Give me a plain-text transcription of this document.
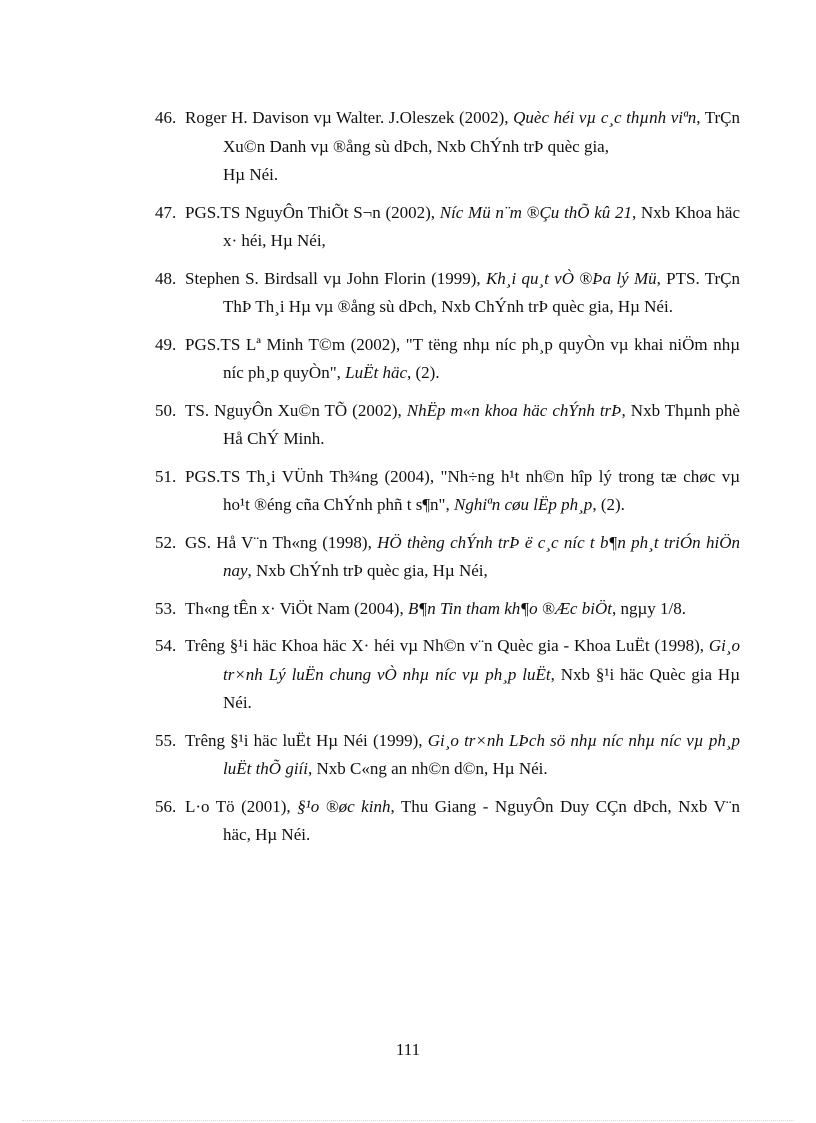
46. Roger H. Davison vµ Walter. J.Oleszek (2002), Quèc héi vµ c¸c thµnh viªn, TrÇn Xu©n Danh vµ ®ång sù dÞch, Nxb ChÝnh trÞ quèc gia,
Hµ Néi.

47. PGS.TS NguyÔn ThiÕt S¬n (2002), Níc Mü n¨m ®Çu thÕ kû 21, Nxb Khoa häc x· héi, Hµ Néi,

48. Stephen S. Birdsall vµ John Florin (1999), Kh¸i qu¸t vÒ ®Þa lý Mü, PTS. TrÇn ThÞ Th¸i Hµ vµ ®ång sù dÞch, Nxb ChÝnh trÞ quèc gia, Hµ Néi.

49. PGS.TS Lª Minh T©m (2002), "T tëng nhµ níc ph¸p quyÒn vµ khai niÖm nhµ níc ph¸p quyÒn", LuËt häc, (2).

50. TS. NguyÔn Xu©n TÕ (2002), NhËp m«n khoa häc chÝnh trÞ, Nxb Thµnh phè Hå ChÝ Minh.

51. PGS.TS Th¸i VÜnh Th¾ng (2004), "Nh÷ng h¹t nh©n hîp lý trong tæ chøc vµ ho¹t ®éng cña ChÝnh phñ t s¶n", Nghiªn cøu lËp ph¸p, (2).

52. GS. Hå V¨n Th«ng (1998), HÖ thèng chÝnh trÞ ë c¸c níc t b¶n ph¸t triÓn hiÖn nay, Nxb ChÝnh trÞ quèc gia, Hµ Néi,

53. Th«ng tÊn x· ViÖt Nam (2004), B¶n Tin tham kh¶o ®Æc biÖt, ngµy 1/8.

54. Trêng §¹i häc Khoa häc X· héi vµ Nh©n v¨n Quèc gia - Khoa LuËt (1998), Gi¸o tr×nh Lý luËn chung vÒ nhµ níc vµ ph¸p luËt, Nxb §¹i häc Quèc gia Hµ Néi.

55. Trêng §¹i häc luËt Hµ Néi (1999), Gi¸o tr×nh LÞch sö nhµ níc nhµ níc vµ ph¸p luËt thÕ giíi, Nxb C«ng an nh©n d©n, Hµ Néi.

56. L·o Tö (2001), §¹o ®øc kinh, Thu Giang - NguyÔn Duy CÇn dÞch, Nxb V¨n häc, Hµ Néi.

111
